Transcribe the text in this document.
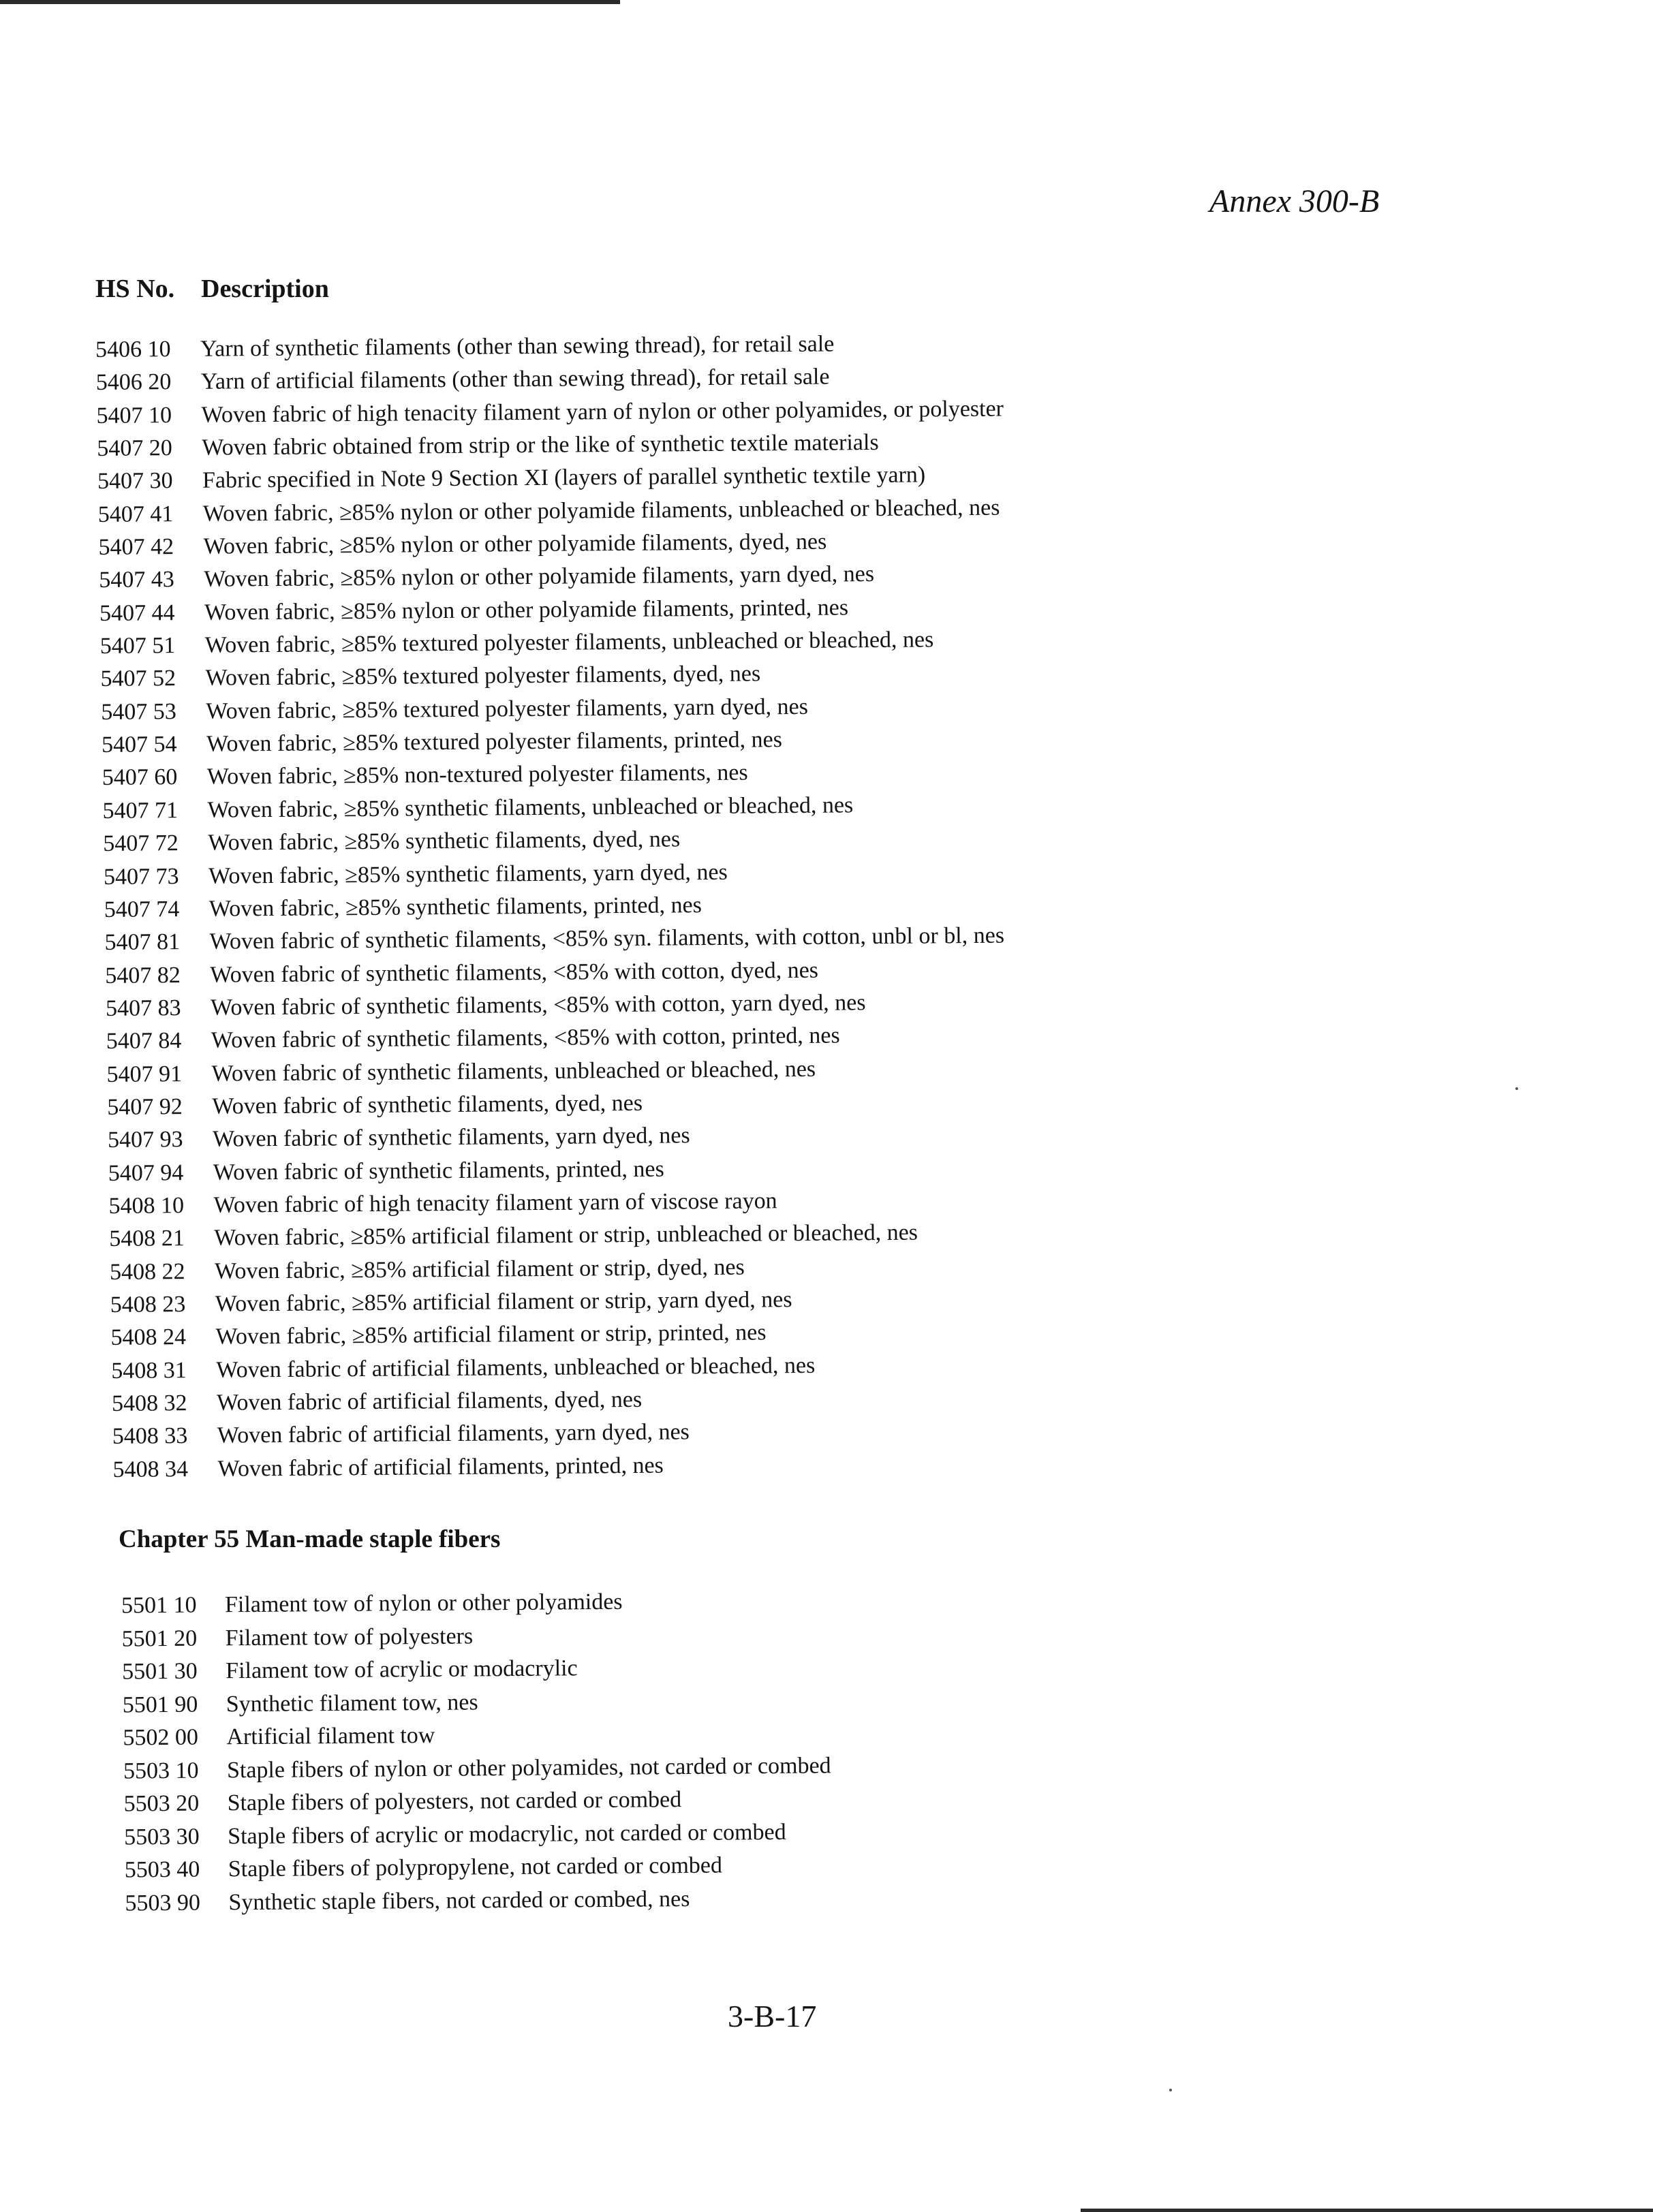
Annex 300-B
HS No. Description
5406 10	Yarn of synthetic filaments (other than sewing thread), for retail sale
5406 20	Yarn of artificial filaments (other than sewing thread), for retail sale
5407 10	Woven fabric of high tenacity filament yarn of nylon or other polyamides, or polyester
5407 20	Woven fabric obtained from strip or the like of synthetic textile materials
5407 30	Fabric specified in Note 9 Section XI (layers of parallel synthetic textile yarn)
5407 41	Woven fabric, ≥85% nylon or other polyamide filaments, unbleached or bleached, nes
5407 42	Woven fabric, ≥85% nylon or other polyamide filaments, dyed, nes
5407 43	Woven fabric, ≥85% nylon or other polyamide filaments, yarn dyed, nes
5407 44	Woven fabric, ≥85% nylon or other polyamide filaments, printed, nes
5407 51	Woven fabric, ≥85% textured polyester filaments, unbleached or bleached, nes
5407 52	Woven fabric, ≥85% textured polyester filaments, dyed, nes
5407 53	Woven fabric, ≥85% textured polyester filaments, yarn dyed, nes
5407 54	Woven fabric, ≥85% textured polyester filaments, printed, nes
5407 60	Woven fabric, ≥85% non-textured polyester filaments, nes
5407 71	Woven fabric, ≥85% synthetic filaments, unbleached or bleached, nes
5407 72	Woven fabric, ≥85% synthetic filaments, dyed, nes
5407 73	Woven fabric, ≥85% synthetic filaments, yarn dyed, nes
5407 74	Woven fabric, ≥85% synthetic filaments, printed, nes
5407 81	Woven fabric of synthetic filaments, <85% syn. filaments, with cotton, unbl or bl, nes
5407 82	Woven fabric of synthetic filaments, <85% with cotton, dyed, nes
5407 83	Woven fabric of synthetic filaments, <85% with cotton, yarn dyed, nes
5407 84	Woven fabric of synthetic filaments, <85% with cotton, printed, nes
5407 91	Woven fabric of synthetic filaments, unbleached or bleached, nes
5407 92	Woven fabric of synthetic filaments, dyed, nes
5407 93	Woven fabric of synthetic filaments, yarn dyed, nes
5407 94	Woven fabric of synthetic filaments, printed, nes
5408 10	Woven fabric of high tenacity filament yarn of viscose rayon
5408 21	Woven fabric, ≥85% artificial filament or strip, unbleached or bleached, nes
5408 22	Woven fabric, ≥85% artificial filament or strip, dyed, nes
5408 23	Woven fabric, ≥85% artificial filament or strip, yarn dyed, nes
5408 24	Woven fabric, ≥85% artificial filament or strip, printed, nes
5408 31	Woven fabric of artificial filaments, unbleached or bleached, nes
5408 32	Woven fabric of artificial filaments, dyed, nes
5408 33	Woven fabric of artificial filaments, yarn dyed, nes
5408 34	Woven fabric of artificial filaments, printed, nes
Chapter 55 Man-made staple fibers
5501 10	Filament tow of nylon or other polyamides
5501 20	Filament tow of polyesters
5501 30	Filament tow of acrylic or modacrylic
5501 90	Synthetic filament tow, nes
5502 00	Artificial filament tow
5503 10	Staple fibers of nylon or other polyamides, not carded or combed
5503 20	Staple fibers of polyesters, not carded or combed
5503 30	Staple fibers of acrylic or modacrylic, not carded or combed
5503 40	Staple fibers of polypropylene, not carded or combed
5503 90	Synthetic staple fibers, not carded or combed, nes
3-B-17
